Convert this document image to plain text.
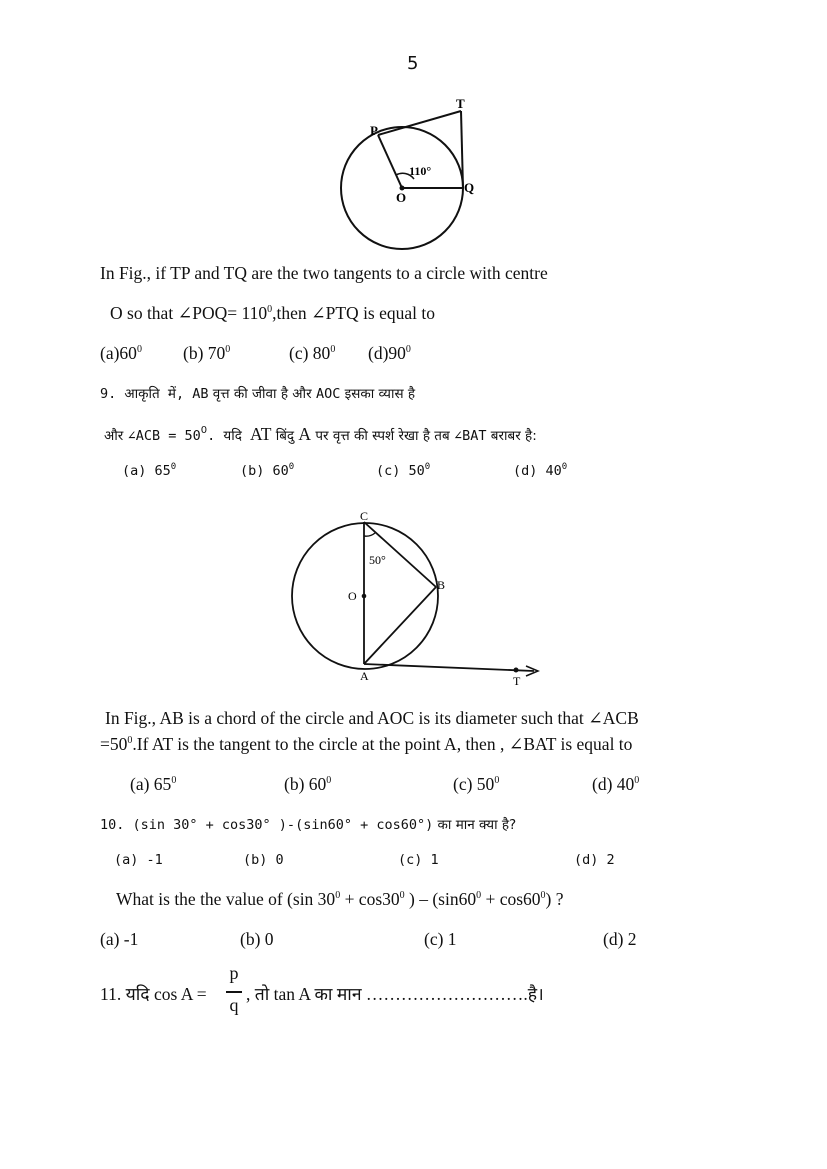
5
P
T
O
Q
110°
In Fig., if TP and TQ are the two tangents to a circle with centre
O so that ∠POQ= $110^0,then$ ∠PTQ is equal to
$(a)60^0$ (b) $70^0$	(c) $80^0$ $(d)90^0$
9. आकृति में, AB वृत्त की जीवा है और AOC इसका व्यास है
और ∠ACB = $50^0$. यदि AT बिंदु A पर वृत्त की स्पर्श रेखा है तब ∠BAT बराबर है:
(a) $65^0$	(b) $60^0$	(c) $50^0$	(d) $40^0$
C
50°
O
B
A	T
In Fig., AB is a chord of the circle and AOC is its diameter such that ∠ACB
$=50^0.If$ AT is the tangent to the circle at the point A, then , ∠BAT is equal to
(a) $65^0$	(b) $60^0$	(c) $50^0$	(d) $40^0$
10. (sin 30° + cos30° )-(sin60° + cos60°) का मान क्या है?
(a) -1	(b) 0	(c) 1	(d) 2
What is the the value of (sin $30^0 + \cos 30^0$ ) – $(\sin 60^0 + \cos 60^0)$ ?
(a) -1	(b) 0	(c) 1	(d) 2
11. यदि cos A =
p
q
, तो tan A का मान ……………………….है।
